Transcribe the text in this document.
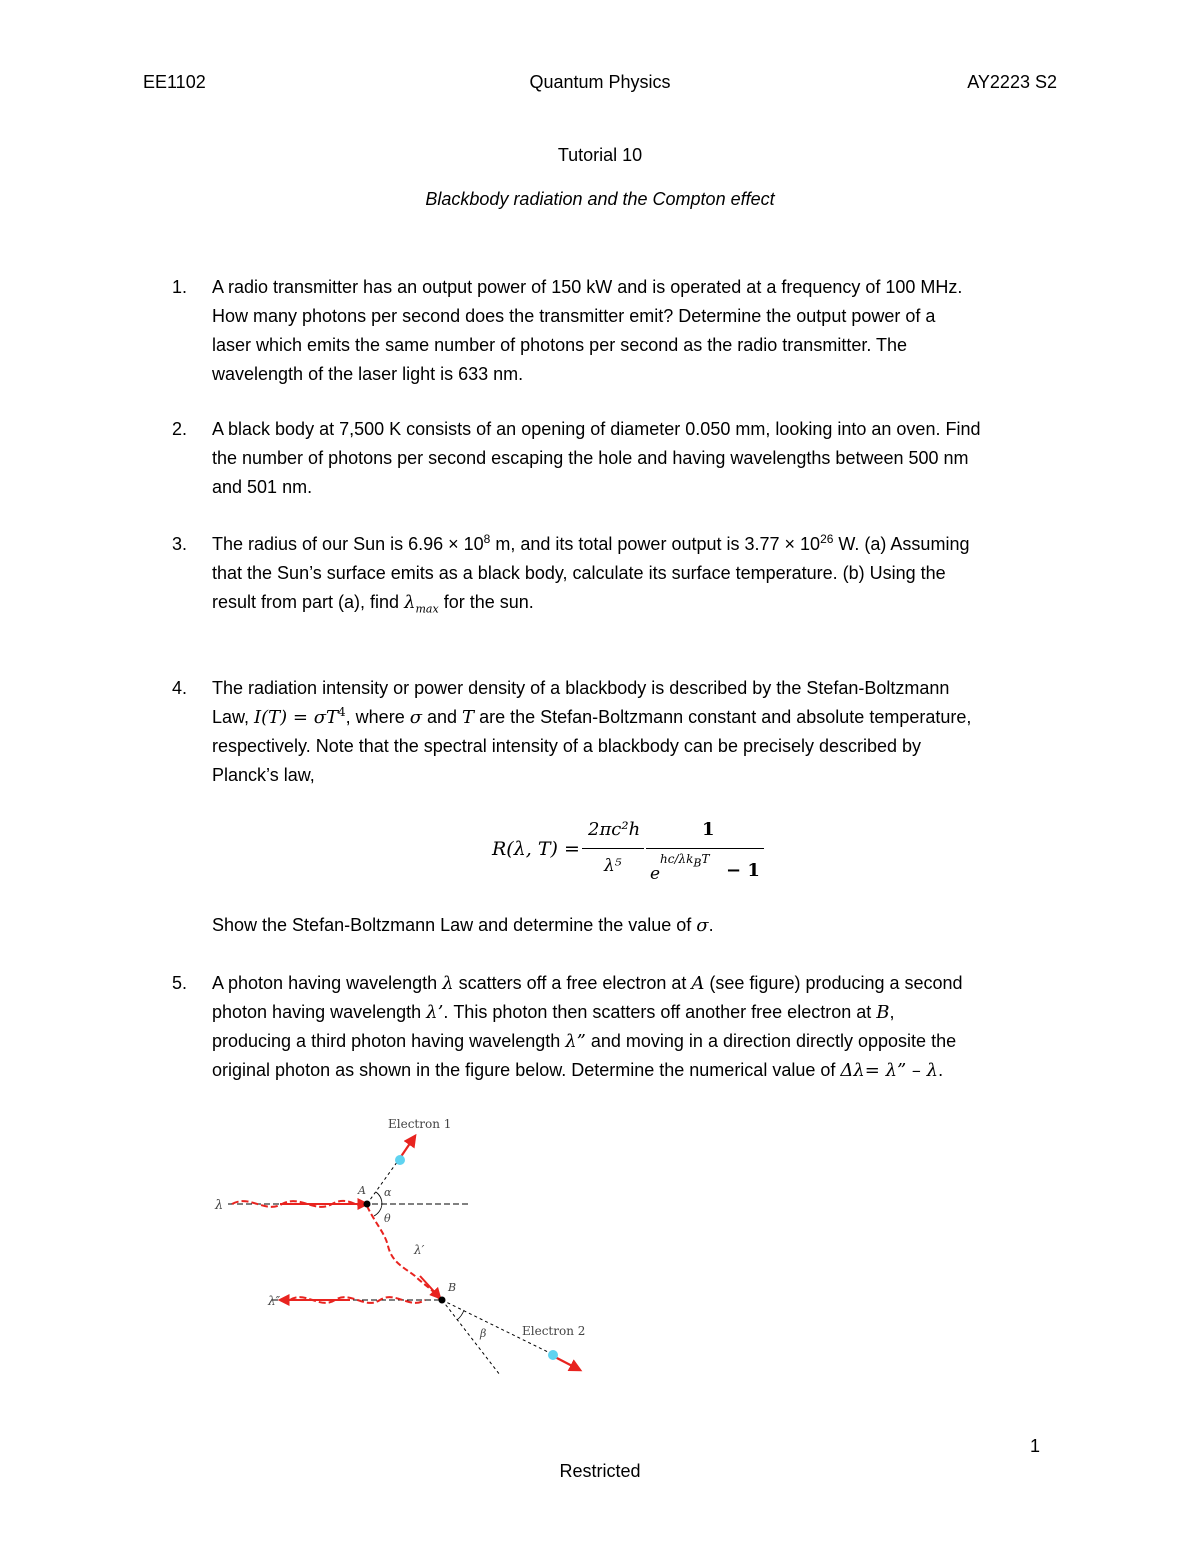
EE1102	Quantum Physics	AY2223 S2
Tutorial 10
Blackbody radiation and the Compton effect
1. A radio transmitter has an output power of 150 kW and is operated at a frequency of 100 MHz.
How many photons per second does the transmitter emit? Determine the output power of a
laser which emits the same number of photons per second as the radio transmitter. The
wavelength of the laser light is 633 nm.
2. A black body at 7,500 K consists of an opening of diameter 0.050 mm, looking into an oven. Find
the number of photons per second escaping the hole and having wavelengths between 500 nm
and 501 nm.
3. The radius of our Sun is $6.96 \times 10^8$ m, and its total power output is $3.77 \times 10^{26}$ W. (a) Assuming
that the Sun’s surface emits as a black body, calculate its surface temperature. (b) Using the
result from part (a), find $\lambda_{max}$ for the sun.
4. The radiation intensity or power density of a blackbody is described by the Stefan-Boltzmann
Law, $I(T) = \sigma T^4$, where σ and T are the Stefan-Boltzmann constant and absolute temperature,
respectively. Note that the spectral intensity of a blackbody can be precisely described by
Planck’s law,
Show the Stefan-Boltzmann Law and determine the value of σ.
R(λ, T) =
2πc²h
λ⁵
1
e
$hc/\lambda k_BT$
− 1
5. A photon having wavelength λ scatters off a free electron at A (see figure) producing a second
photon having wavelength λ’. This photon then scatters off another free electron at B,
producing a third photon having wavelength λ” and moving in a direction directly opposite the
original photon as shown in the figure below. Determine the numerical value of Δλ= λ” – λ.
Electron 1
Electron 2
λ
λ′
λ″
A
B
α
θ
β
1
Restricted
